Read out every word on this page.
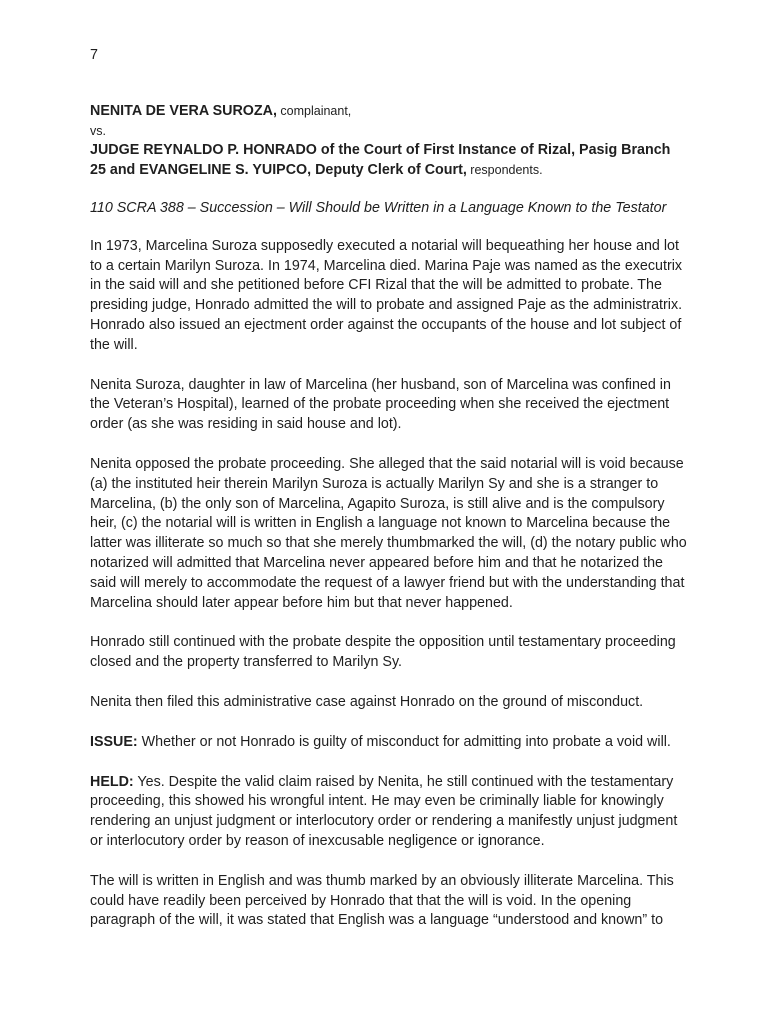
7
NENITA DE VERA SUROZA, complainant,
vs.
JUDGE REYNALDO P. HONRADO of the Court of First Instance of Rizal, Pasig Branch 25 and EVANGELINE S. YUIPCO, Deputy Clerk of Court, respondents.

110 SCRA 388 – Succession – Will Should be Written in a Language Known to the Testator

In 1973, Marcelina Suroza supposedly executed a notarial will bequeathing her house and lot to a certain Marilyn Suroza. In 1974, Marcelina died. Marina Paje was named as the executrix in the said will and she petitioned before CFI Rizal that the will be admitted to probate. The presiding judge, Honrado admitted the will to probate and assigned Paje as the administratrix. Honrado also issued an ejectment order against the occupants of the house and lot subject of the will.

Nenita Suroza, daughter in law of Marcelina (her husband, son of Marcelina was confined in the Veteran’s Hospital), learned of the probate proceeding when she received the ejectment order (as she was residing in said house and lot).

Nenita opposed the probate proceeding. She alleged that the said notarial will is void because (a) the instituted heir therein Marilyn Suroza is actually Marilyn Sy and she is a stranger to Marcelina, (b) the only son of Marcelina, Agapito Suroza, is still alive and is the compulsory heir, (c) the notarial will is written in English a language not known to Marcelina because the latter was illiterate so much so that she merely thumbmarked the will, (d) the notary public who notarized will admitted that Marcelina never appeared before him and that he notarized the said will merely to accommodate the request of a lawyer friend but with the understanding that Marcelina should later appear before him but that never happened.

Honrado still continued with the probate despite the opposition until testamentary proceeding closed and the property transferred to Marilyn Sy.

Nenita then filed this administrative case against Honrado on the ground of misconduct.

ISSUE: Whether or not Honrado is guilty of misconduct for admitting into probate a void will.

HELD: Yes. Despite the valid claim raised by Nenita, he still continued with the testamentary proceeding, this showed his wrongful intent. He may even be criminally liable for knowingly rendering an unjust judgment or interlocutory order or rendering a manifestly unjust judgment or interlocutory order by reason of inexcusable negligence or ignorance.

The will is written in English and was thumb marked by an obviously illiterate Marcelina. This could have readily been perceived by Honrado that that the will is void. In the opening paragraph of the will, it was stated that English was a language “understood and known” to
